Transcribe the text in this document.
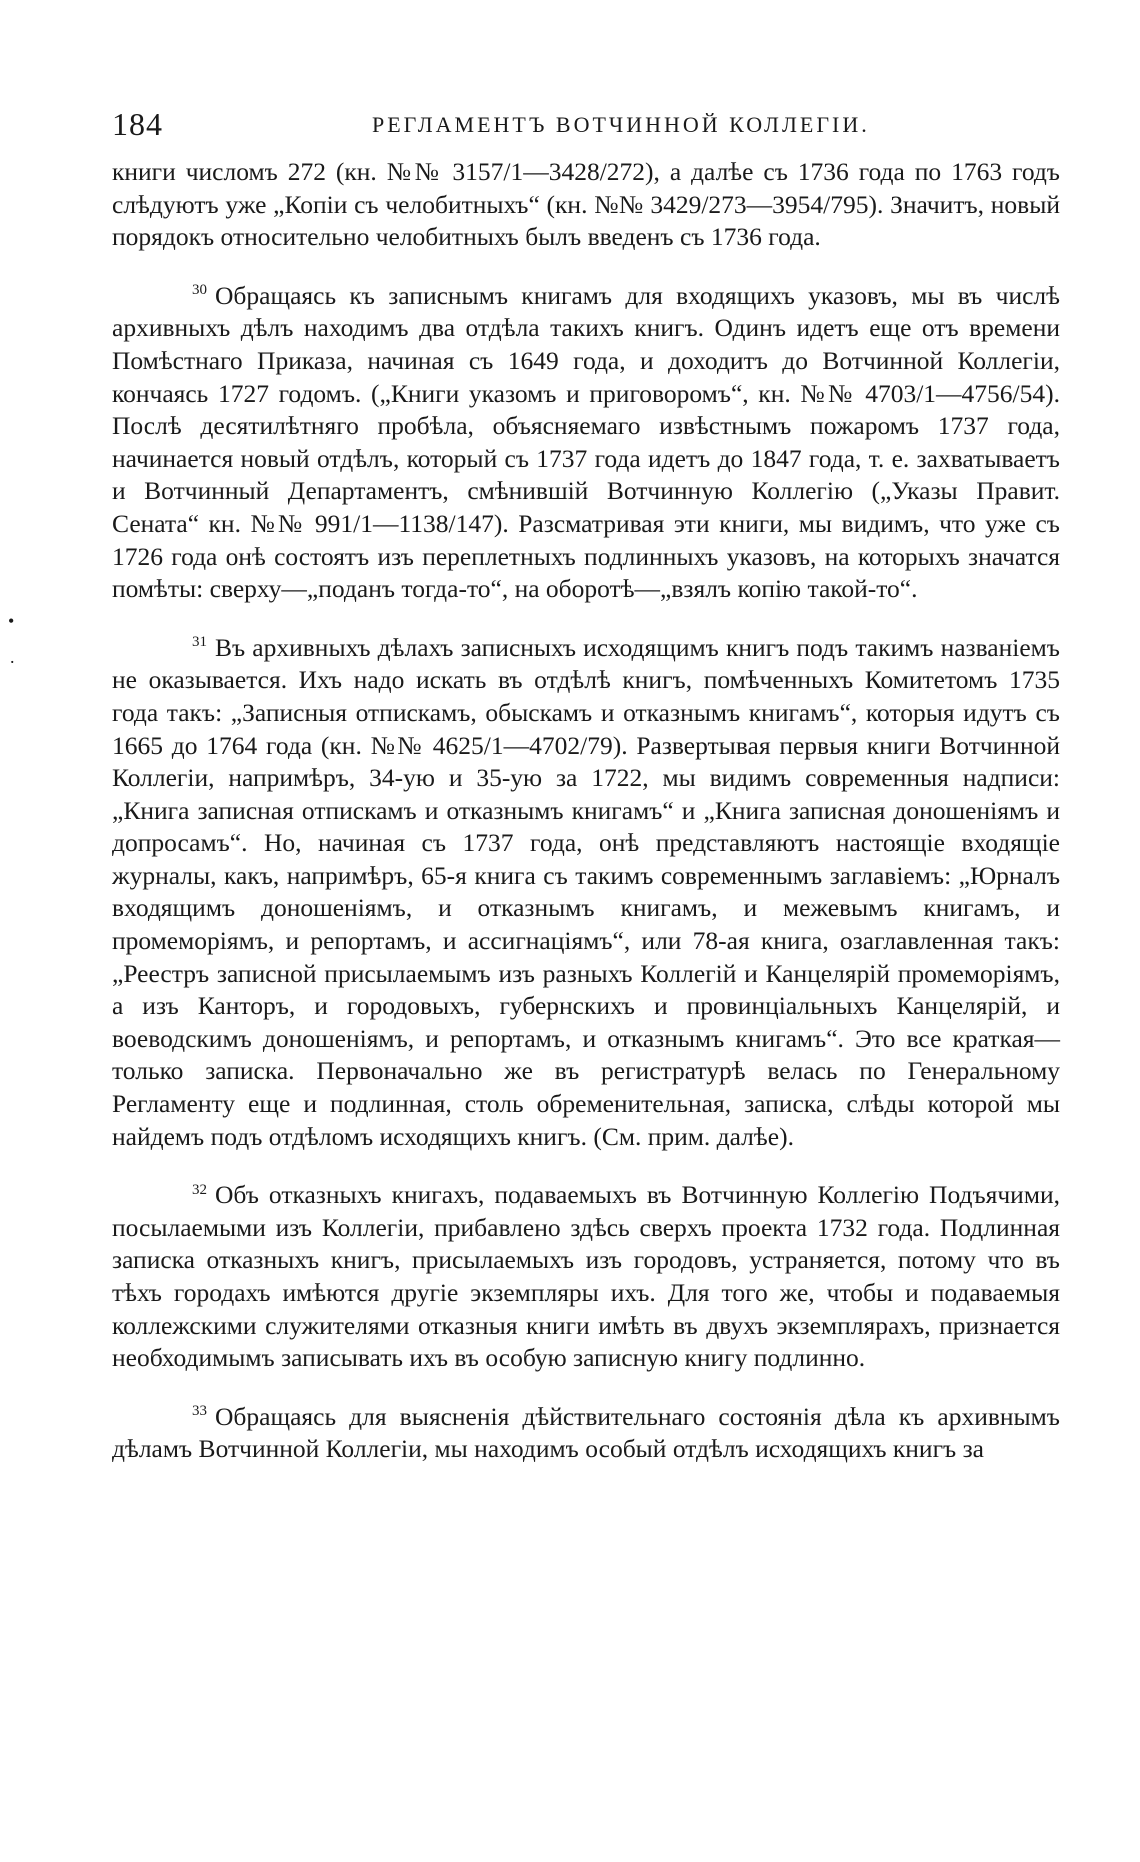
184	РЕГЛАМЕНТЪ ВОТЧИННОЙ КОЛЛЕГІИ.

книги числомъ 272 (кн. №№ 3157/1—3428/272), а далѣе съ 1736 года по 1763 годъ слѣдуютъ уже „Копіи съ челобитныхъ“ (кн. №№ 3429/273—3954/795). Значитъ, новый порядокъ относительно челобитныхъ былъ введенъ съ 1736 года.

$^{30}$ Обращаясь къ записнымъ книгамъ для входящихъ указовъ, мы въ числѣ архивныхъ дѣлъ находимъ два отдѣла такихъ книгъ. Одинъ идетъ еще отъ времени Помѣстнаго Приказа, начиная съ 1649 года, и доходитъ до Вотчинной Коллегіи, кончаясь 1727 годомъ. („Книги указомъ и приговоромъ“, кн. №№ 4703/1—4756/54). Послѣ десятилѣтняго пробѣла, объясняемаго извѣстнымъ пожаромъ 1737 года, начинается новый отдѣлъ, который съ 1737 года идетъ до 1847 года, т. е. захватываетъ и Вотчинный Департаментъ, смѣнившій Вотчинную Коллегію („Указы Правит. Сената“ кн. №№ 991/1—1138/147). Разсматривая эти книги, мы видимъ, что уже съ 1726 года онѣ состоятъ изъ переплетныхъ подлинныхъ указовъ, на которыхъ значатся помѣты: сверху—„поданъ тогда-то“, на оборотѣ—„взялъ копію такой-то“.

$^{31}$ Въ архивныхъ дѣлахъ записныхъ исходящимъ книгъ подъ такимъ названіемъ не оказывается. Ихъ надо искать въ отдѣлѣ книгъ, помѣченныхъ Комитетомъ 1735 года такъ: „Записныя отпискамъ, обыскамъ и отказнымъ книгамъ“, которыя идутъ съ 1665 до 1764 года (кн. №№ 4625/1—4702/79). Развертывая первыя книги Вотчинной Коллегіи, напримѣръ, 34-ую и 35-ую за 1722, мы видимъ современныя надписи: „Книга записная отпискамъ и отказнымъ книгамъ“ и „Книга записная доношеніямъ и допросамъ“. Но, начиная съ 1737 года, онѣ представляютъ настоящіе входящіе журналы, какъ, напримѣръ, 65-я книга съ такимъ современнымъ заглавіемъ: „Юрналъ входящимъ доношеніямъ, и отказнымъ книгамъ, и межевымъ книгамъ, и промеморіямъ, и репортамъ, и ассигнаціямъ“, или 78-ая книга, озаглавленная такъ: „Реестръ записной присылаемымъ изъ разныхъ Коллегій и Канцелярій промеморіямъ, а изъ Канторъ, и городовыхъ, губернскихъ и провинціальныхъ Канцелярій, и воеводскимъ доношеніямъ, и репортамъ, и отказнымъ книгамъ“. Это все краткая—только записка. Первоначально же въ регистратурѣ велась по Генеральному Регламенту еще и подлинная, столь обременительная, записка, слѣды которой мы найдемъ подъ отдѣломъ исходящихъ книгъ. (См. прим. далѣе).

$^{32}$ Объ отказныхъ книгахъ, подаваемыхъ въ Вотчинную Коллегію Подъячими, посылаемыми изъ Коллегіи, прибавлено здѣсь сверхъ проекта 1732 года. Подлинная записка отказныхъ книгъ, присылаемыхъ изъ городовъ, устраняется, потому что въ тѣхъ городахъ имѣются другіе экземпляры ихъ. Для того же, чтобы и подаваемыя коллежскими служителями отказныя книги имѣть въ двухъ экземплярахъ, признается необходимымъ записывать ихъ въ особую записную книгу подлинно.

$^{33}$ Обращаясь для выясненія дѣйствительнаго состоянія дѣла къ архивнымъ дѣламъ Вотчинной Коллегіи, мы находимъ особый отдѣлъ исходящихъ книгъ за

•
.
